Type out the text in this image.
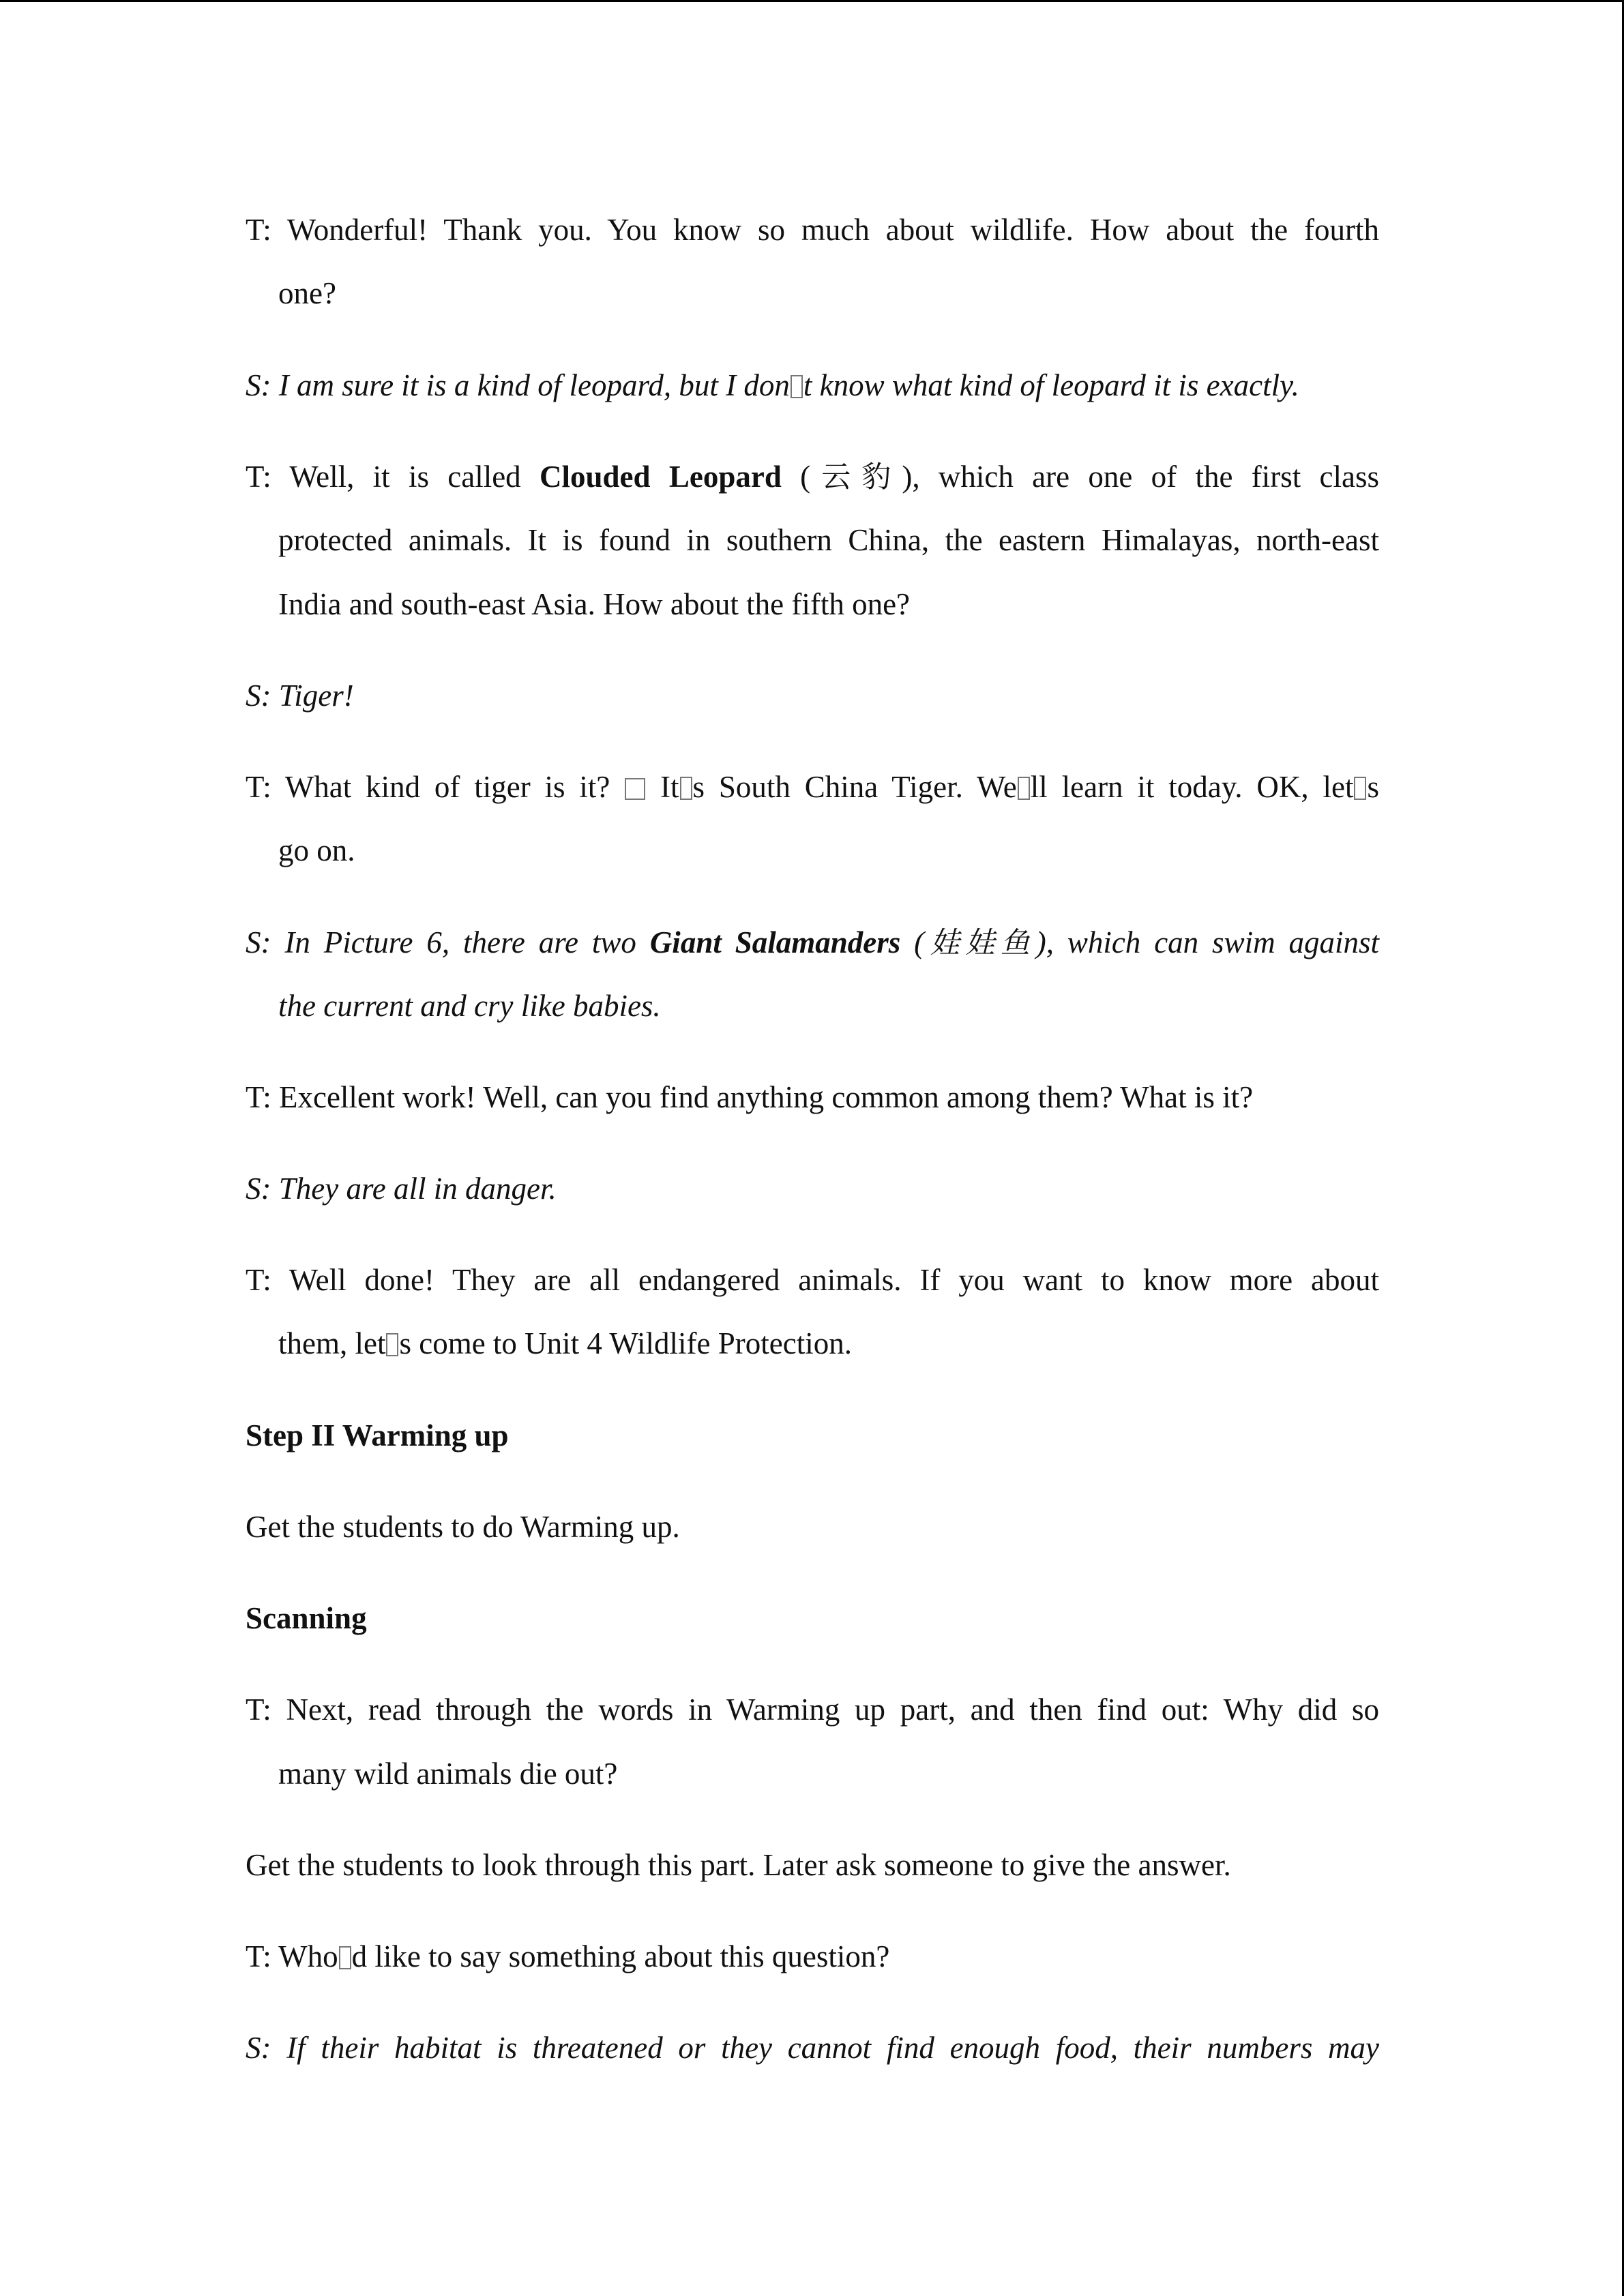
T: Wonderful! Thank you. You know so much about wildlife. How about the fourth
one?
S: I am sure it is a kind of leopard, but I don t know what kind of leopard it is exactly.
T: Well, it is called Clouded Leopard (云豹), which are one of the first class
protected animals. It is found in southern China, the eastern Himalayas, north-east
India and south-east Asia. How about the fifth one?
S: Tiger!
T: What kind of tiger is it?  It s South China Tiger. We ll learn it today. OK, let s
go on.
S: In Picture 6, there are two Giant Salamanders (娃娃鱼), which can swim against
the current and cry like babies.
T: Excellent work! Well, can you find anything common among them? What is it?
S: They are all in danger.
T: Well done! They are all endangered animals. If you want to know more about
them, let s come to Unit 4 Wildlife Protection.
Step II Warming up
Get the students to do Warming up.
Scanning
T: Next, read through the words in Warming up part, and then find out: Why did so
many wild animals die out?
Get the students to look through this part. Later ask someone to give the answer.
T: Who d like to say something about this question?
S: If their habitat is threatened or they cannot find enough food, their numbers may
